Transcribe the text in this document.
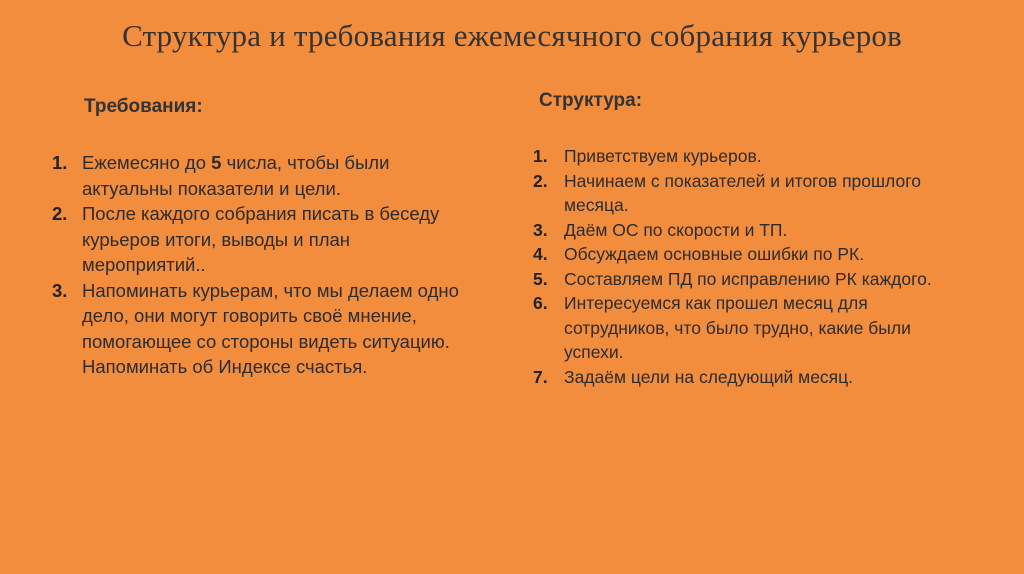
Структура и требования ежемесячного собрания курьеров
Требования:
1. Ежемесяно до 5 числа, чтобы были актуальны показатели и цели.
2. После каждого собрания писать в беседу курьеров итоги, выводы и план мероприятий..
3. Напоминать курьерам, что мы делаем одно дело, они могут говорить своё мнение, помогающее со стороны видеть ситуацию. Напоминать об Индексе счастья.
Структура:
1. Приветствуем курьеров.
2. Начинаем с показателей и итогов прошлого месяца.
3. Даём ОС по скорости и ТП.
4. Обсуждаем основные ошибки по РК.
5. Составляем ПД по исправлению РК каждого.
6. Интересуемся как прошел месяц для сотрудников, что было трудно, какие были успехи.
7. Задаём цели на следующий месяц.
